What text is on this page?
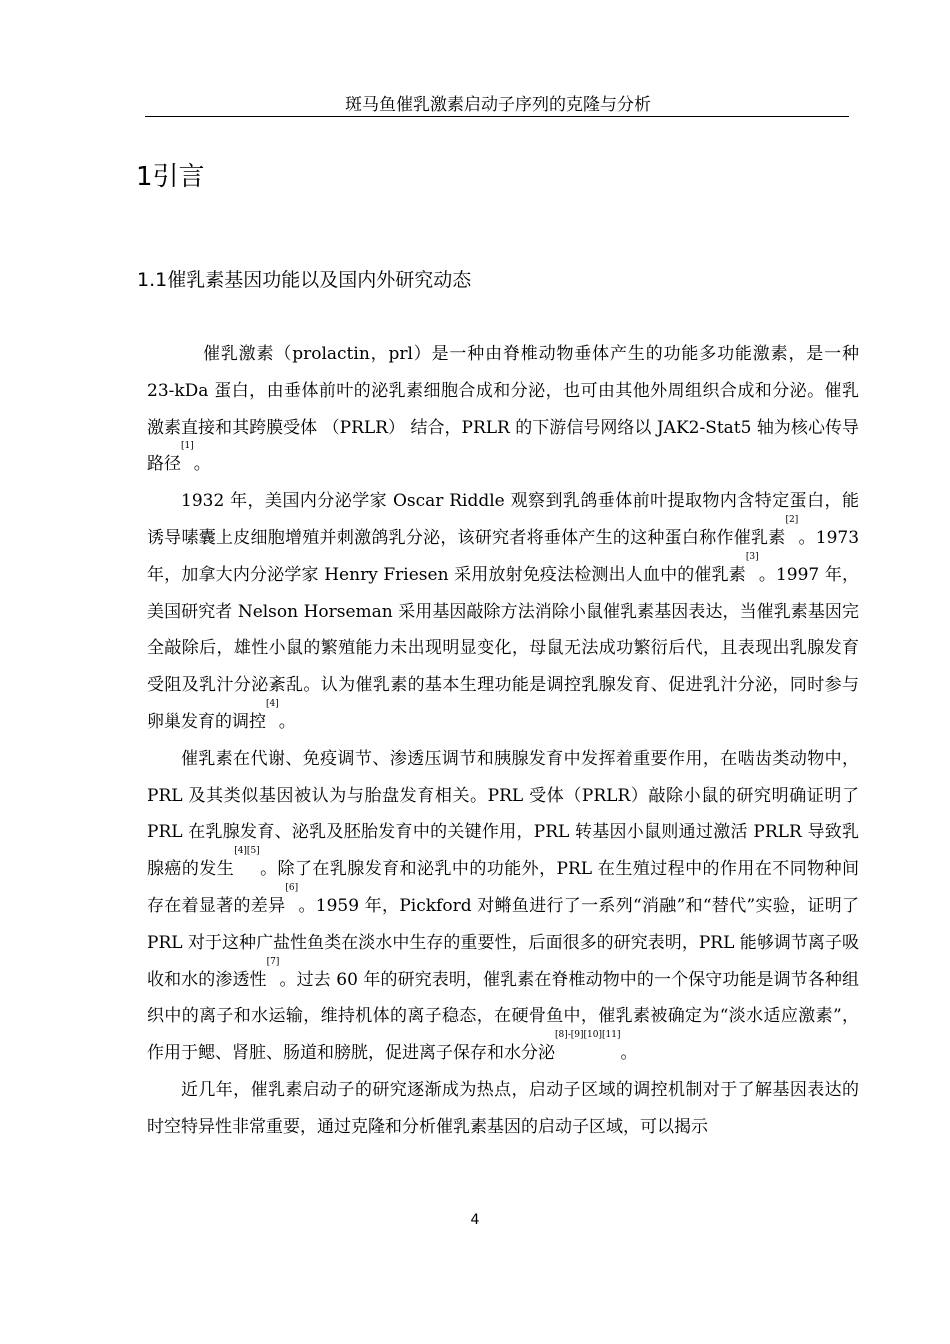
斑马鱼催乳激素启动子序列的克隆与分析
1引言
1.1催乳素基因功能以及国内外研究动态

催乳激素（prolactin，prl）是一种由脊椎动物垂体产生的功能多功能激素，是一种 23-kDa 蛋白，由垂体前叶的泌乳素细胞合成和分泌，也可由其他外周组织合成和分泌。催乳激素直接和其跨膜受体 （PRLR） 结合，PRLR 的下游信号网络以 JAK2-Stat5 轴为核心传导路径[1]。

1932 年，美国内分泌学家 Oscar Riddle 观察到乳鸽垂体前叶提取物内含特定蛋白，能诱导嗉囊上皮细胞增殖并刺激鸽乳分泌，该研究者将垂体产生的这种蛋白称作催乳素[2]。1973 年，加拿大内分泌学家 Henry Friesen 采用放射免疫法检测出人血中的催乳素[3]。1997 年，美国研究者 Nelson Horseman 采用基因敲除方法消除小鼠催乳素基因表达，当催乳素基因完全敲除后，雄性小鼠的繁殖能力未出现明显变化，母鼠无法成功繁衍后代，且表现出乳腺发育受阻及乳汁分泌紊乱。认为催乳素的基本生理功能是调控乳腺发育、促进乳汁分泌，同时参与卵巢发育的调控[4]。

催乳素在代谢、免疫调节、渗透压调节和胰腺发育中发挥着重要作用，在啮齿类动物中，PRL 及其类似基因被认为与胎盘发育相关。PRL 受体（PRLR）敲除小鼠的研究明确证明了 PRL 在乳腺发育、泌乳及胚胎发育中的关键作用，PRL 转基因小鼠则通过激活 PRLR 导致乳腺癌的发生[4][5]。除了在乳腺发育和泌乳中的功能外，PRL 在生殖过程中的作用在不同物种间存在着显著的差异[6]。1959 年，Pickford 对鳉鱼进行了一系列“消融”和“替代”实验，证明了 PRL 对于这种广盐性鱼类在淡水中生存的重要性，后面很多的研究表明，PRL 能够调节离子吸收和水的渗透性[7]。过去 60 年的研究表明，催乳素在脊椎动物中的一个保守功能是调节各种组织中的离子和水运输，维持机体的离子稳态，在硬骨鱼中，催乳素被确定为“淡水适应激素”，作用于鳃、肾脏、肠道和膀胱，促进离子保存和水分泌[8]-[9][10][11]。

近几年，催乳素启动子的研究逐渐成为热点，启动子区域的调控机制对于了解基因表达的时空特异性非常重要，通过克隆和分析催乳素基因的启动子区域，可以揭示

4
